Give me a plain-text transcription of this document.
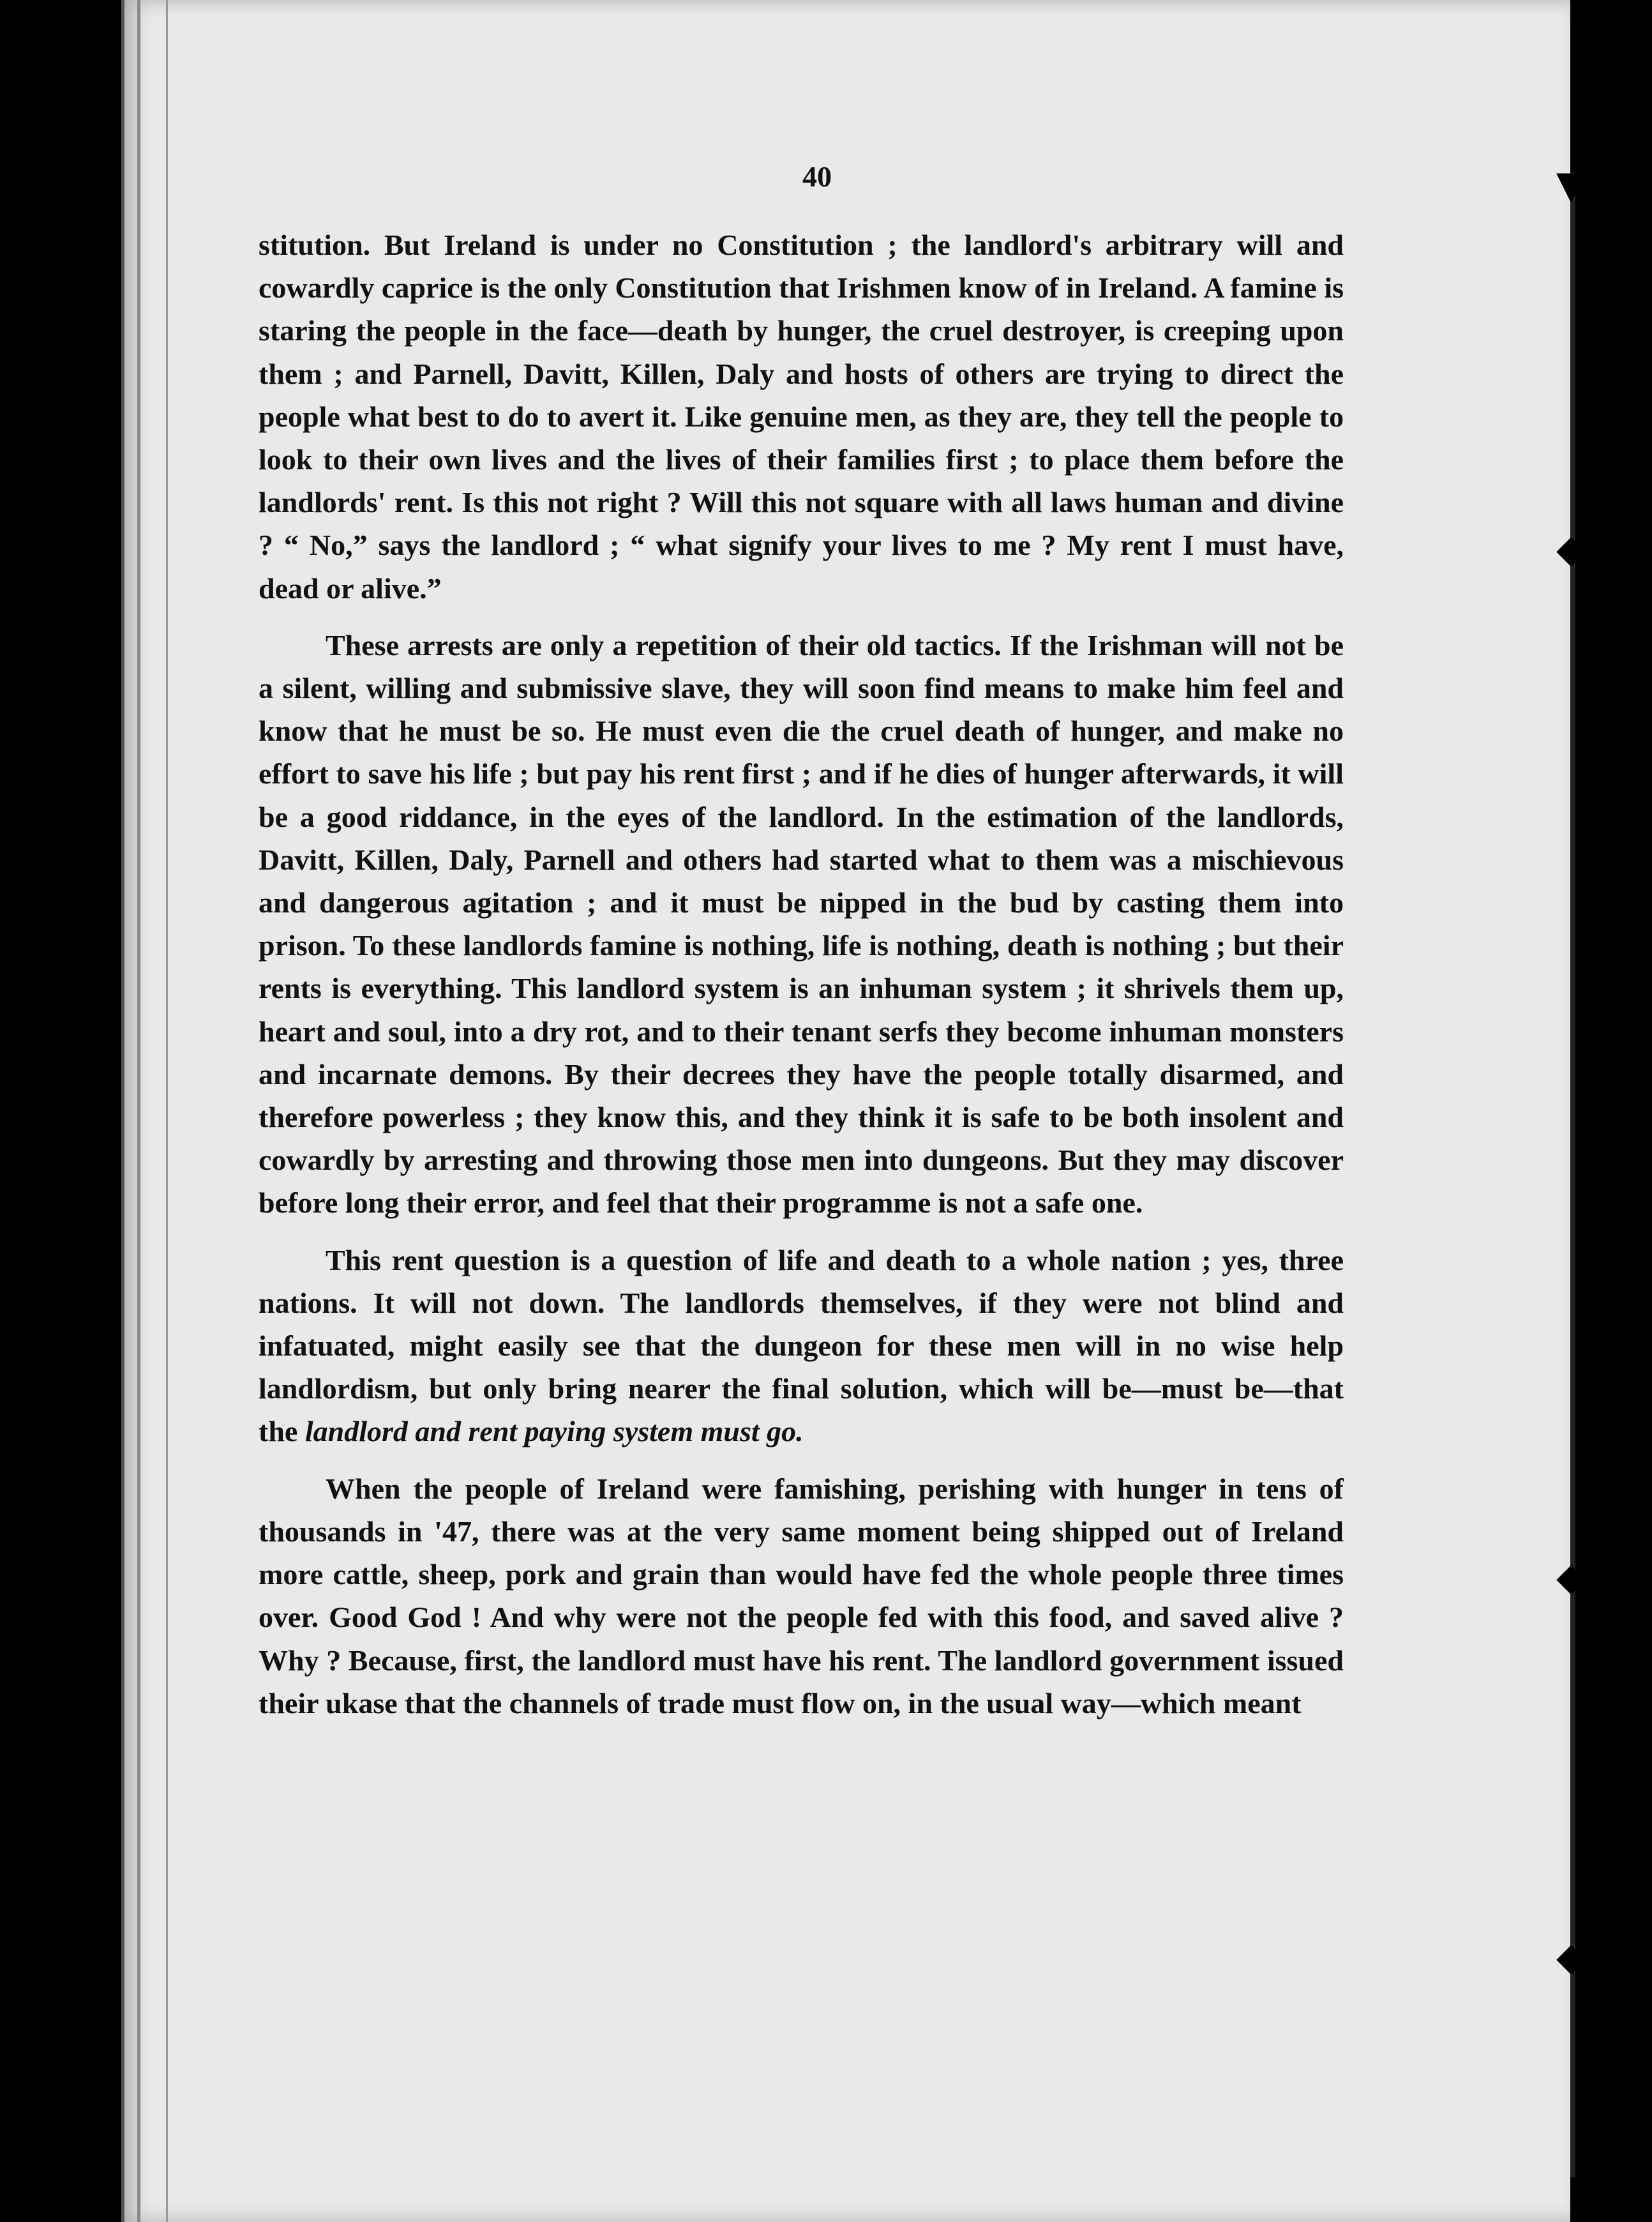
40

stitution. But Ireland is under no Constitution ; the landlord's arbitrary will and cowardly caprice is the only Constitution that Irishmen know of in Ireland. A famine is staring the people in the face—death by hunger, the cruel destroyer, is creeping upon them ; and Parnell, Davitt, Killen, Daly and hosts of others are trying to direct the people what best to do to avert it. Like genuine men, as they are, they tell the people to look to their own lives and the lives of their families first ; to place them before the landlords' rent. Is this not right ? Will this not square with all laws human and divine ? “ No,” says the landlord ; “ what signify your lives to me ? My rent I must have, dead or alive.”

These arrests are only a repetition of their old tactics. If the Irishman will not be a silent, willing and submissive slave, they will soon find means to make him feel and know that he must be so. He must even die the cruel death of hunger, and make no effort to save his life ; but pay his rent first ; and if he dies of hunger afterwards, it will be a good riddance, in the eyes of the landlord. In the estimation of the landlords, Davitt, Killen, Daly, Parnell and others had started what to them was a mischievous and dangerous agitation ; and it must be nipped in the bud by casting them into prison. To these landlords famine is nothing, life is nothing, death is nothing ; but their rents is everything. This landlord system is an inhuman system ; it shrivels them up, heart and soul, into a dry rot, and to their tenant serfs they become inhuman monsters and incarnate demons. By their decrees they have the people totally disarmed, and therefore powerless ; they know this, and they think it is safe to be both insolent and cowardly by arresting and throwing those men into dungeons. But they may discover before long their error, and feel that their programme is not a safe one.

This rent question is a question of life and death to a whole nation ; yes, three nations. It will not down. The landlords themselves, if they were not blind and infatuated, might easily see that the dungeon for these men will in no wise help landlordism, but only bring nearer the final solution, which will be—must be—that the landlord and rent paying system must go.

When the people of Ireland were famishing, perishing with hunger in tens of thousands in '47, there was at the very same moment being shipped out of Ireland more cattle, sheep, pork and grain than would have fed the whole people three times over. Good God ! And why were not the people fed with this food, and saved alive ? Why ? Because, first, the landlord must have his rent. The landlord government issued their ukase that the channels of trade must flow on, in the usual way—which meant

▼
◆
◆
◆
